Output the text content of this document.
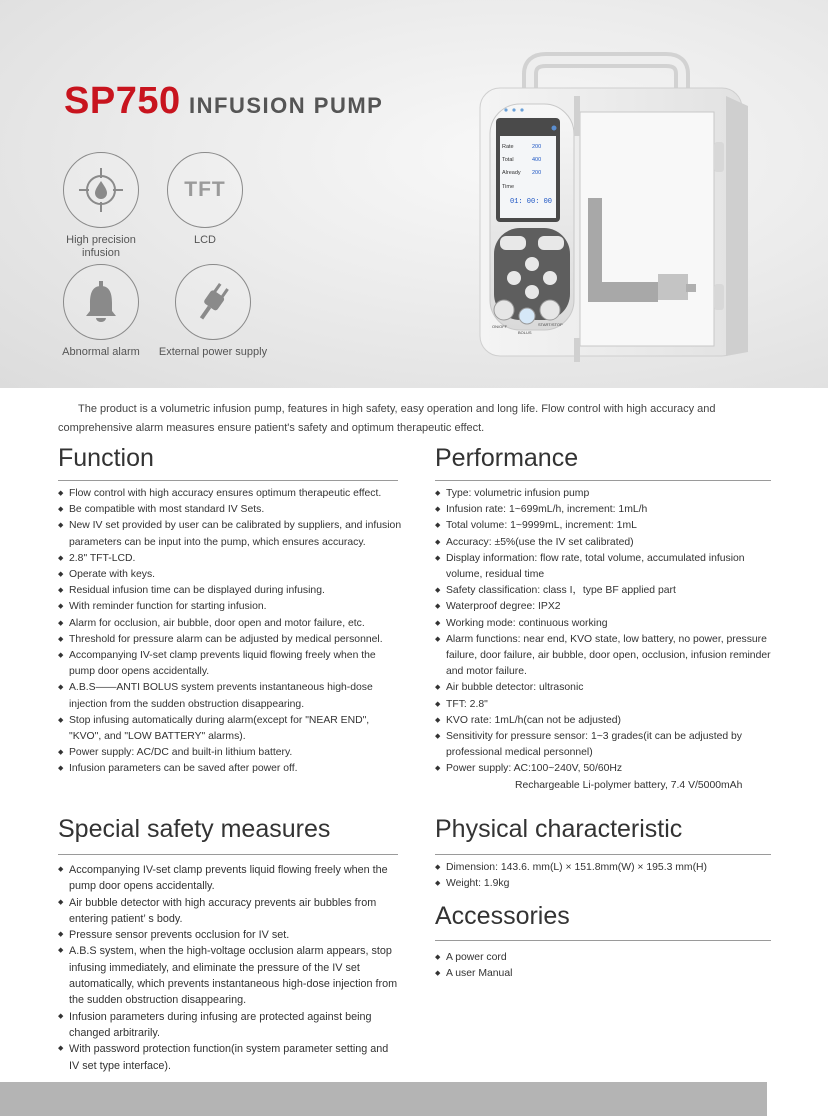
SP750 INFUSION PUMP
High precision infusion
TFT
LCD
Abnormal alarm	External power supply
Rate	200
Total	400
Already 200
Time
01: 00: 00
ON/OFF
BOLUS
START/STOP

The product is a volumetric infusion pump, features in high safety, easy operation and long life. Flow control with high accuracy and comprehensive alarm measures ensure patient's safety and optimum therapeutic effect.

Function
◆ Flow control with high accuracy ensures optimum therapeutic effect.
◆ Be compatible with most standard IV Sets.
◆ New IV set provided by user can be calibrated by suppliers, and infusion parameters can be input into the pump, which ensures accuracy.
◆ 2.8" TFT-LCD.
◆ Operate with keys.
◆ Residual infusion time can be displayed during infusing.
◆ With reminder function for starting infusion.
◆ Alarm for occlusion, air bubble, door open and motor failure, etc.
◆ Threshold for pressure alarm can be adjusted by medical personnel.
◆ Accompanying IV-set clamp prevents liquid flowing freely when the pump door opens accidentally.
◆ A.B.S——ANTI BOLUS system prevents instantaneous high-dose injection from the sudden obstruction disappearing.
◆ Stop infusing automatically during alarm(except for "NEAR END", "KVO", and "LOW BATTERY" alarms).
◆ Power supply: AC/DC and built-in lithium battery.
◆ Infusion parameters can be saved after power off.
Performance
◆ Type: volumetric infusion pump
◆ Infusion rate: 1~699mL/h, increment: 1mL/h
◆ Total volume: 1~9999mL, increment: 1mL
◆ Accuracy: ±5%(use the IV set calibrated)
◆ Display information: flow rate, total volume, accumulated infusion volume, residual time
◆ Safety classification: class I，type BF applied part
◆ Waterproof degree: IPX2
◆ Working mode: continuous working
◆ Alarm functions: near end, KVO state, low battery, no power, pressure failure, door failure, air bubble, door open, occlusion, infusion reminder and motor failure.
◆ Air bubble detector: ultrasonic
◆ TFT: 2.8"
◆ KVO rate: 1mL/h(can not be adjusted)
◆ Sensitivity for pressure sensor: 1~3 grades(it can be adjusted by professional medical personnel)
◆ Power supply: AC:100~240V, 50/60Hz
Rechargeable Li-polymer battery, 7.4 V/5000mAh
Special safety measures
◆ Accompanying IV-set clamp prevents liquid flowing freely when the pump door opens accidentally.
◆ Air bubble detector with high accuracy prevents air bubbles from entering patient’ s body.
◆ Pressure sensor prevents occlusion for IV set.
◆ A.B.S system, when the high-voltage occlusion alarm appears, stop infusing immediately, and eliminate the pressure of the IV set automatically, which prevents instantaneous high-dose injection from the sudden obstruction disappearing.
◆ Infusion parameters during infusing are protected against being changed arbitrarily.
◆ With password protection function(in system parameter setting and IV set type interface).
Physical characteristic
◆ Dimension: 143.6. mm(L) × 151.8mm(W) × 195.3 mm(H)
◆ Weight: 1.9kg
Accessories
◆ A power cord
◆ A user Manual
